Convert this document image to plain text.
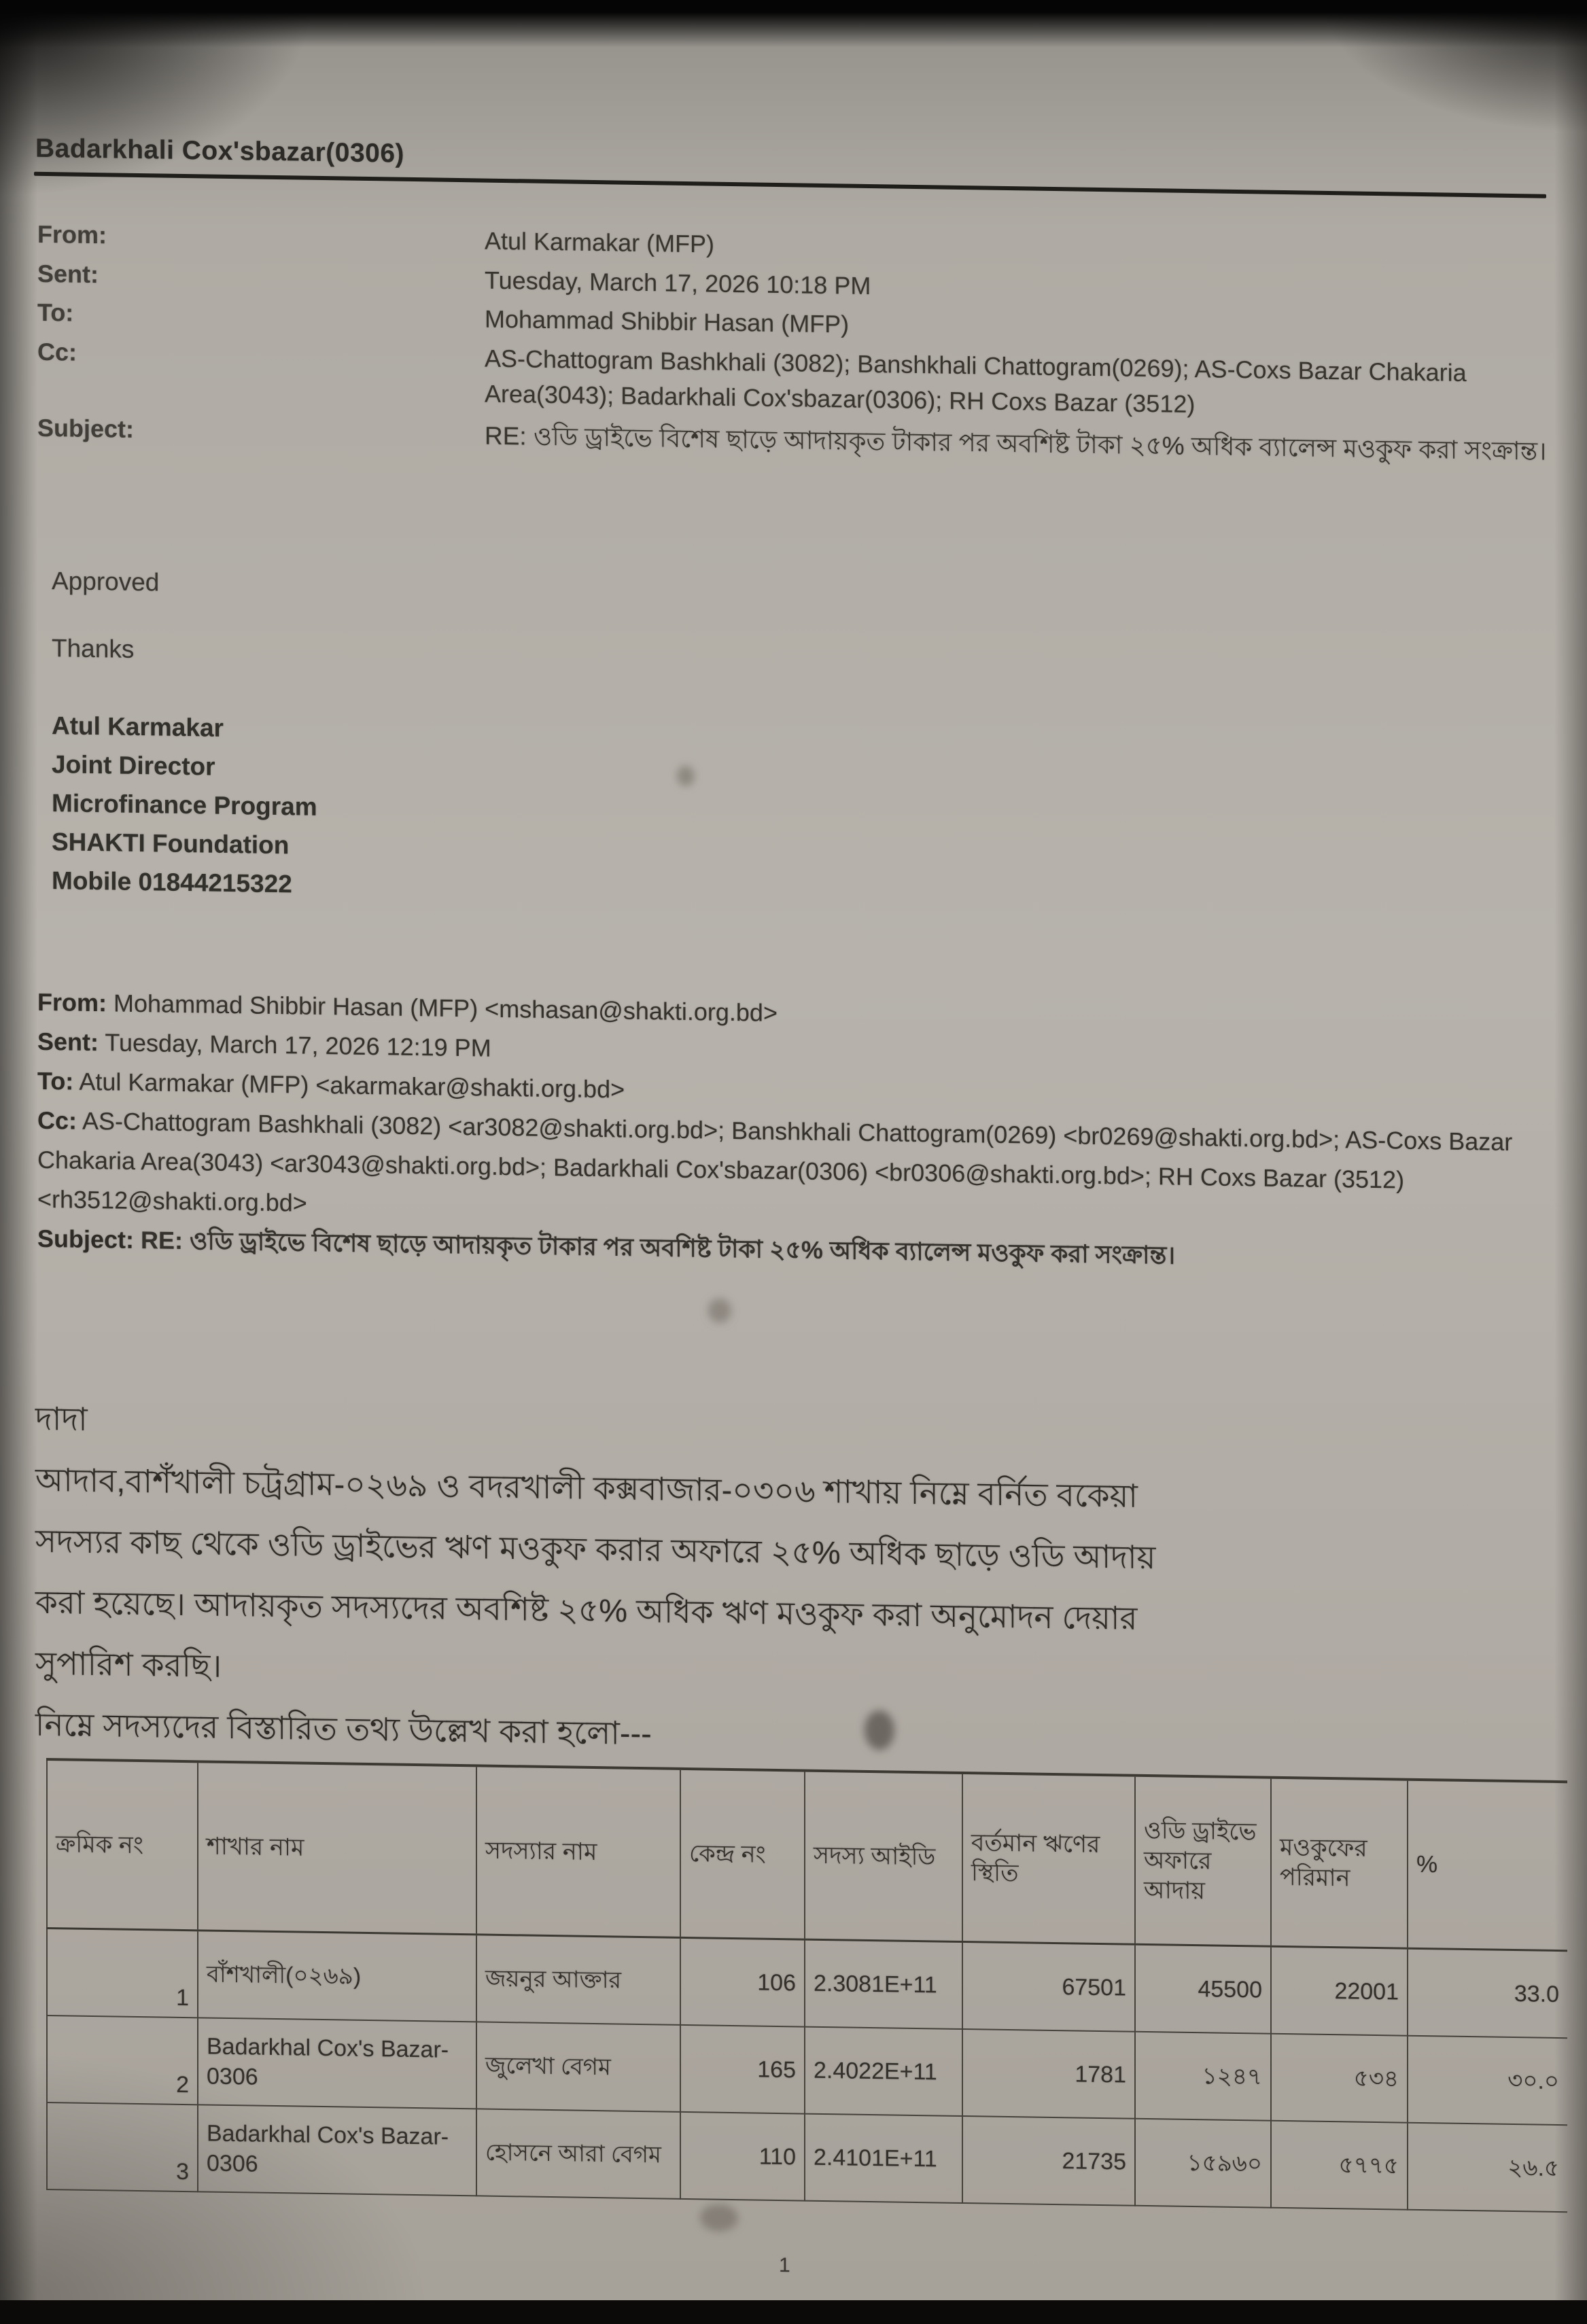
Badarkhali Cox'sbazar(0306)
From:	Atul Karmakar (MFP)
Sent:	Tuesday, March 17, 2026 10:18 PM
To:	Mohammad Shibbir Hasan (MFP)
Cc:	AS-Chattogram Bashkhali (3082); Banshkhali Chattogram(0269); AS-Coxs Bazar Chakaria Area(3043); Badarkhali Cox'sbazar(0306); RH Coxs Bazar (3512)
Subject:	RE: ওডি ড্রাইভে বিশেষ ছাড়ে আদায়কৃত টাকার পর অবশিষ্ট টাকা ২৫% অধিক ব্যালেন্স মওকুফ করা সংক্রান্ত।
Approved
Thanks
Atul Karmakar
Joint Director
Microfinance Program
SHAKTI Foundation
Mobile 01844215322
From: Mohammad Shibbir Hasan (MFP) <mshasan@shakti.org.bd>
Sent: Tuesday, March 17, 2026 12:19 PM
To: Atul Karmakar (MFP) <akarmakar@shakti.org.bd>
Cc: AS-Chattogram Bashkhali (3082) <ar3082@shakti.org.bd>; Banshkhali Chattogram(0269) <br0269@shakti.org.bd>; AS-Coxs Bazar Chakaria Area(3043) <ar3043@shakti.org.bd>; Badarkhali Cox'sbazar(0306) <br0306@shakti.org.bd>; RH Coxs Bazar (3512) <rh3512@shakti.org.bd>
Subject: RE: ওডি ড্রাইভে বিশেষ ছাড়ে আদায়কৃত টাকার পর অবশিষ্ট টাকা ২৫% অধিক ব্যালেন্স মওকুফ করা সংক্রান্ত।
দাদা
আদাব,বাশঁখালী চট্রগ্রাম-০২৬৯ ও বদরখালী কক্সবাজার-০৩০৬ শাখায় নিম্নে বর্নিত বকেয়া
সদস্যর কাছ থেকে ওডি ড্রাইভের ঋণ মওকুফ করার অফারে ২৫% অধিক ছাড়ে ওডি আদায়
করা হয়েছে। আদায়কৃত সদস্যদের অবশিষ্ট ২৫% অধিক ঋণ মওকুফ করা অনুমোদন দেয়ার
সুপারিশ করছি।
নিম্নে সদস্যদের বিস্তারিত তথ্য উল্লেখ করা হলো---
ক্রমিক নং	শাখার নাম	সদস্যার নাম	কেন্দ্র নং	সদস্য আইডি	বর্তমান ঋণের স্থিতি	ওডি ড্রাইভে অফারে আদায়	মওকুফের পরিমান	%
1	বাঁশখালী(০২৬৯)	জয়নুর আক্তার	106	2.3081E+11	67501	45500	22001	33.0
2	Badarkhal Cox's Bazar-0306	জুলেখা বেগম	165	2.4022E+11	1781	১২৪৭	৫৩৪	৩০.০
3	Badarkhal Cox's Bazar-0306	হোসনে আরা বেগম	110	2.4101E+11	21735	১৫৯৬০	৫৭৭৫	২৬.৫
1
